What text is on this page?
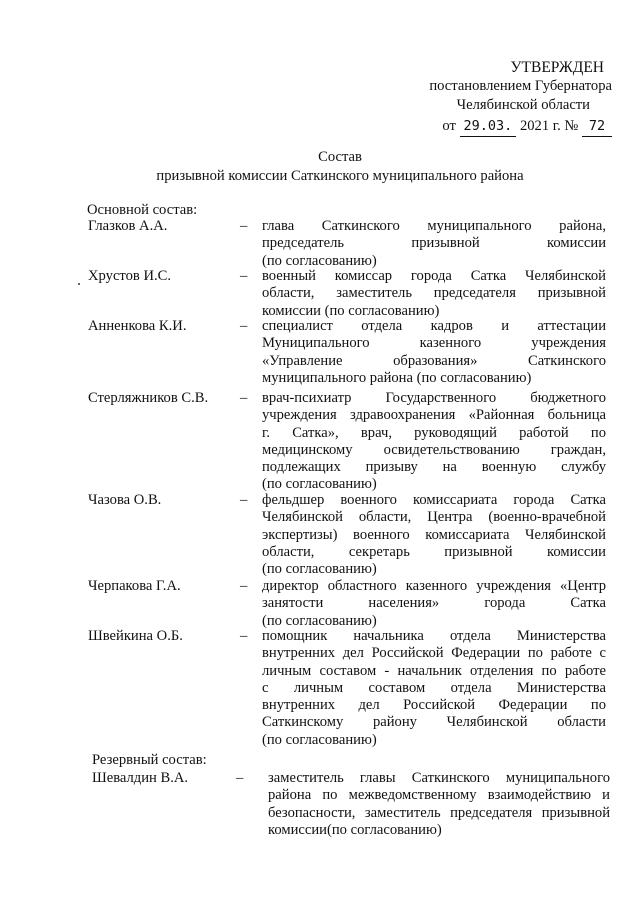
УТВЕРЖДЕН
постановлением Губернатора
Челябинской области
от 29.03. 2021 г. № 72
Состав
призывной комиссии Саткинского муниципального района
Основной состав:
Глазков А.А.	– глава Саткинского муниципального района,
председатель призывной комиссии
(по согласованию)
Хрустов И.С.	– военный комиссар города Сатка Челябинской
области, заместитель председателя призывной
комиссии (по согласованию)
Анненкова К.И.	– специалист отдела кадров и аттестации
Муниципального казенного учреждения
«Управление образования» Саткинского
муниципального района (по согласованию)
Стерляжников С.В. – врач-психиатр Государственного бюджетного
учреждения здравоохранения «Районная больница
г. Сатка», врач, руководящий работой по
медицинскому освидетельствованию граждан,
подлежащих призыву на военную службу
(по согласованию)
Чазова О.В.	– фельдшер военного комиссариата города Сатка
Челябинской области, Центра (военно-врачебной
экспертизы) военного комиссариата Челябинской
области, секретарь призывной комиссии
(по согласованию)
Черпакова Г.А.	– директор областного казенного учреждения «Центр
занятости населения» города Сатка
(по согласованию)
Швейкина О.Б.	– помощник начальника отдела Министерства
внутренних дел Российской Федерации по работе с
личным составом - начальник отделения по работе
с личным составом отдела Министерства
внутренних дел Российской Федерации по
Саткинскому району Челябинской области
(по согласованию)
Резервный состав:
Шевалдин В.А.	– заместитель главы Саткинского муниципального
района по межведомственному взаимодействию и
безопасности, заместитель председателя призывной
комиссии(по согласованию)
